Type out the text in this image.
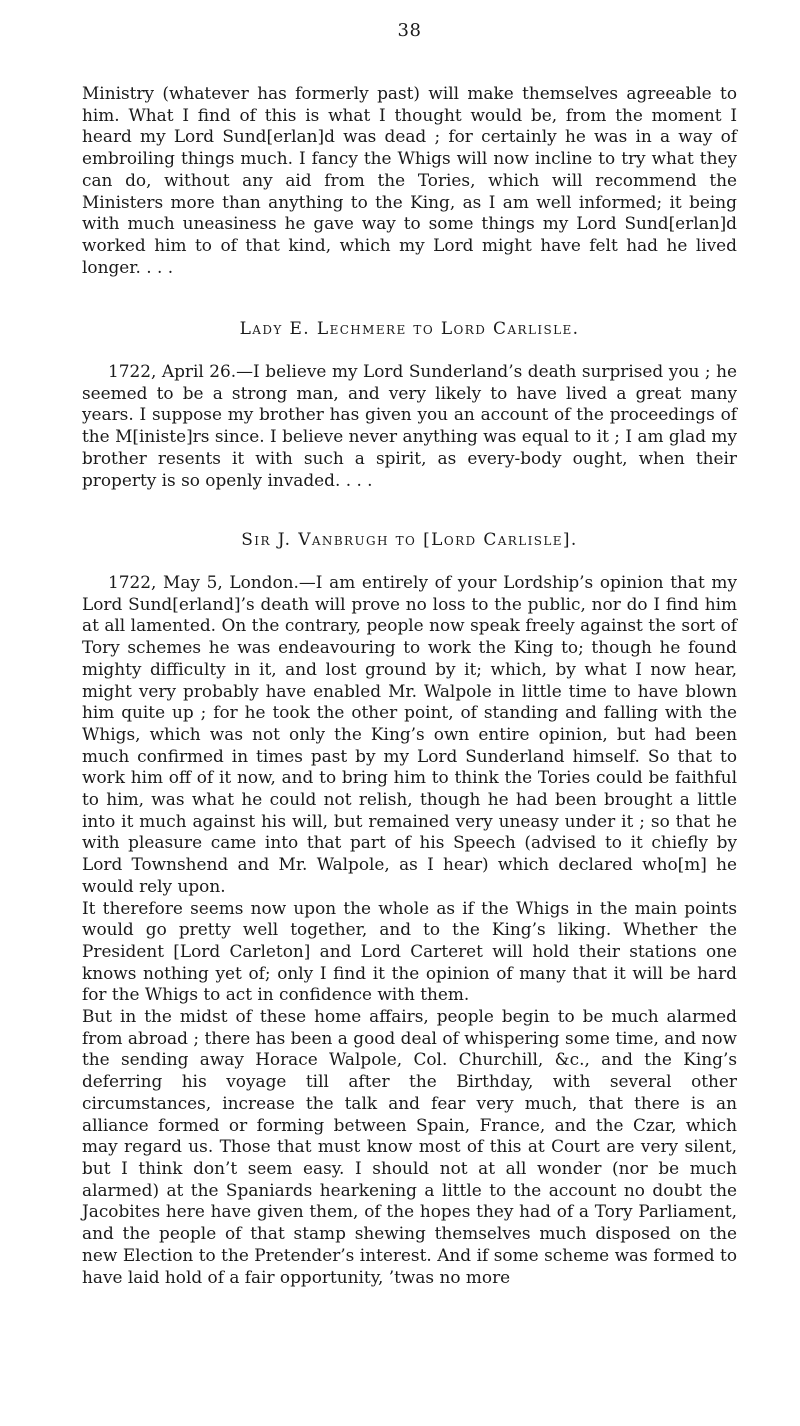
38

Ministry (whatever has formerly past) will make themselves agreeable to him. What I find of this is what I thought would be, from the moment I heard my Lord Sund[erlan]d was dead ; for certainly he was in a way of embroiling things much. I fancy the Whigs will now incline to try what they can do, without any aid from the Tories, which will recommend the Ministers more than anything to the King, as I am well informed; it being with much uneasiness he gave way to some things my Lord Sund[erlan]d worked him to of that kind, which my Lord might have felt had he lived longer. . . .

Lady E. Lechmere to Lord Carlisle.

1722, April 26.—I believe my Lord Sunderland’s death surprised you ; he seemed to be a strong man, and very likely to have lived a great many years. I suppose my brother has given you an account of the proceedings of the M[iniste]rs since. I believe never anything was equal to it ; I am glad my brother resents it with such a spirit, as every-body ought, when their property is so openly invaded. . . .

Sir J. Vanbrugh to [Lord Carlisle].

1722, May 5, London.—I am entirely of your Lordship’s opinion that my Lord Sund[erland]’s death will prove no loss to the public, nor do I find him at all lamented. On the contrary, people now speak freely against the sort of Tory schemes he was endeavouring to work the King to; though he found mighty difficulty in it, and lost ground by it; which, by what I now hear, might very probably have enabled Mr. Walpole in little time to have blown him quite up ; for he took the other point, of standing and falling with the Whigs, which was not only the King’s own entire opinion, but had been much confirmed in times past by my Lord Sunderland himself. So that to work him off of it now, and to bring him to think the Tories could be faithful to him, was what he could not relish, though he had been brought a little into it much against his will, but remained very uneasy under it ; so that he with pleasure came into that part of his Speech (advised to it chiefly by Lord Townshend and Mr. Walpole, as I hear) which declared who[m] he would rely upon.

It therefore seems now upon the whole as if the Whigs in the main points would go pretty well together, and to the King’s liking. Whether the President [Lord Carleton] and Lord Carteret will hold their stations one knows nothing yet of; only I find it the opinion of many that it will be hard for the Whigs to act in confidence with them.

But in the midst of these home affairs, people begin to be much alarmed from abroad ; there has been a good deal of whispering some time, and now the sending away Horace Walpole, Col. Churchill, &c., and the King’s deferring his voyage till after the Birthday, with several other circumstances, increase the talk and fear very much, that there is an alliance formed or forming between Spain, France, and the Czar, which may regard us. Those that must know most of this at Court are very silent, but I think don’t seem easy. I should not at all wonder (nor be much alarmed) at the Spaniards hearkening a little to the account no doubt the Jacobites here have given them, of the hopes they had of a Tory Parliament, and the people of that stamp shewing themselves much disposed on the new Election to the Pretender’s interest. And if some scheme was formed to have laid hold of a fair opportunity, ’twas no more
